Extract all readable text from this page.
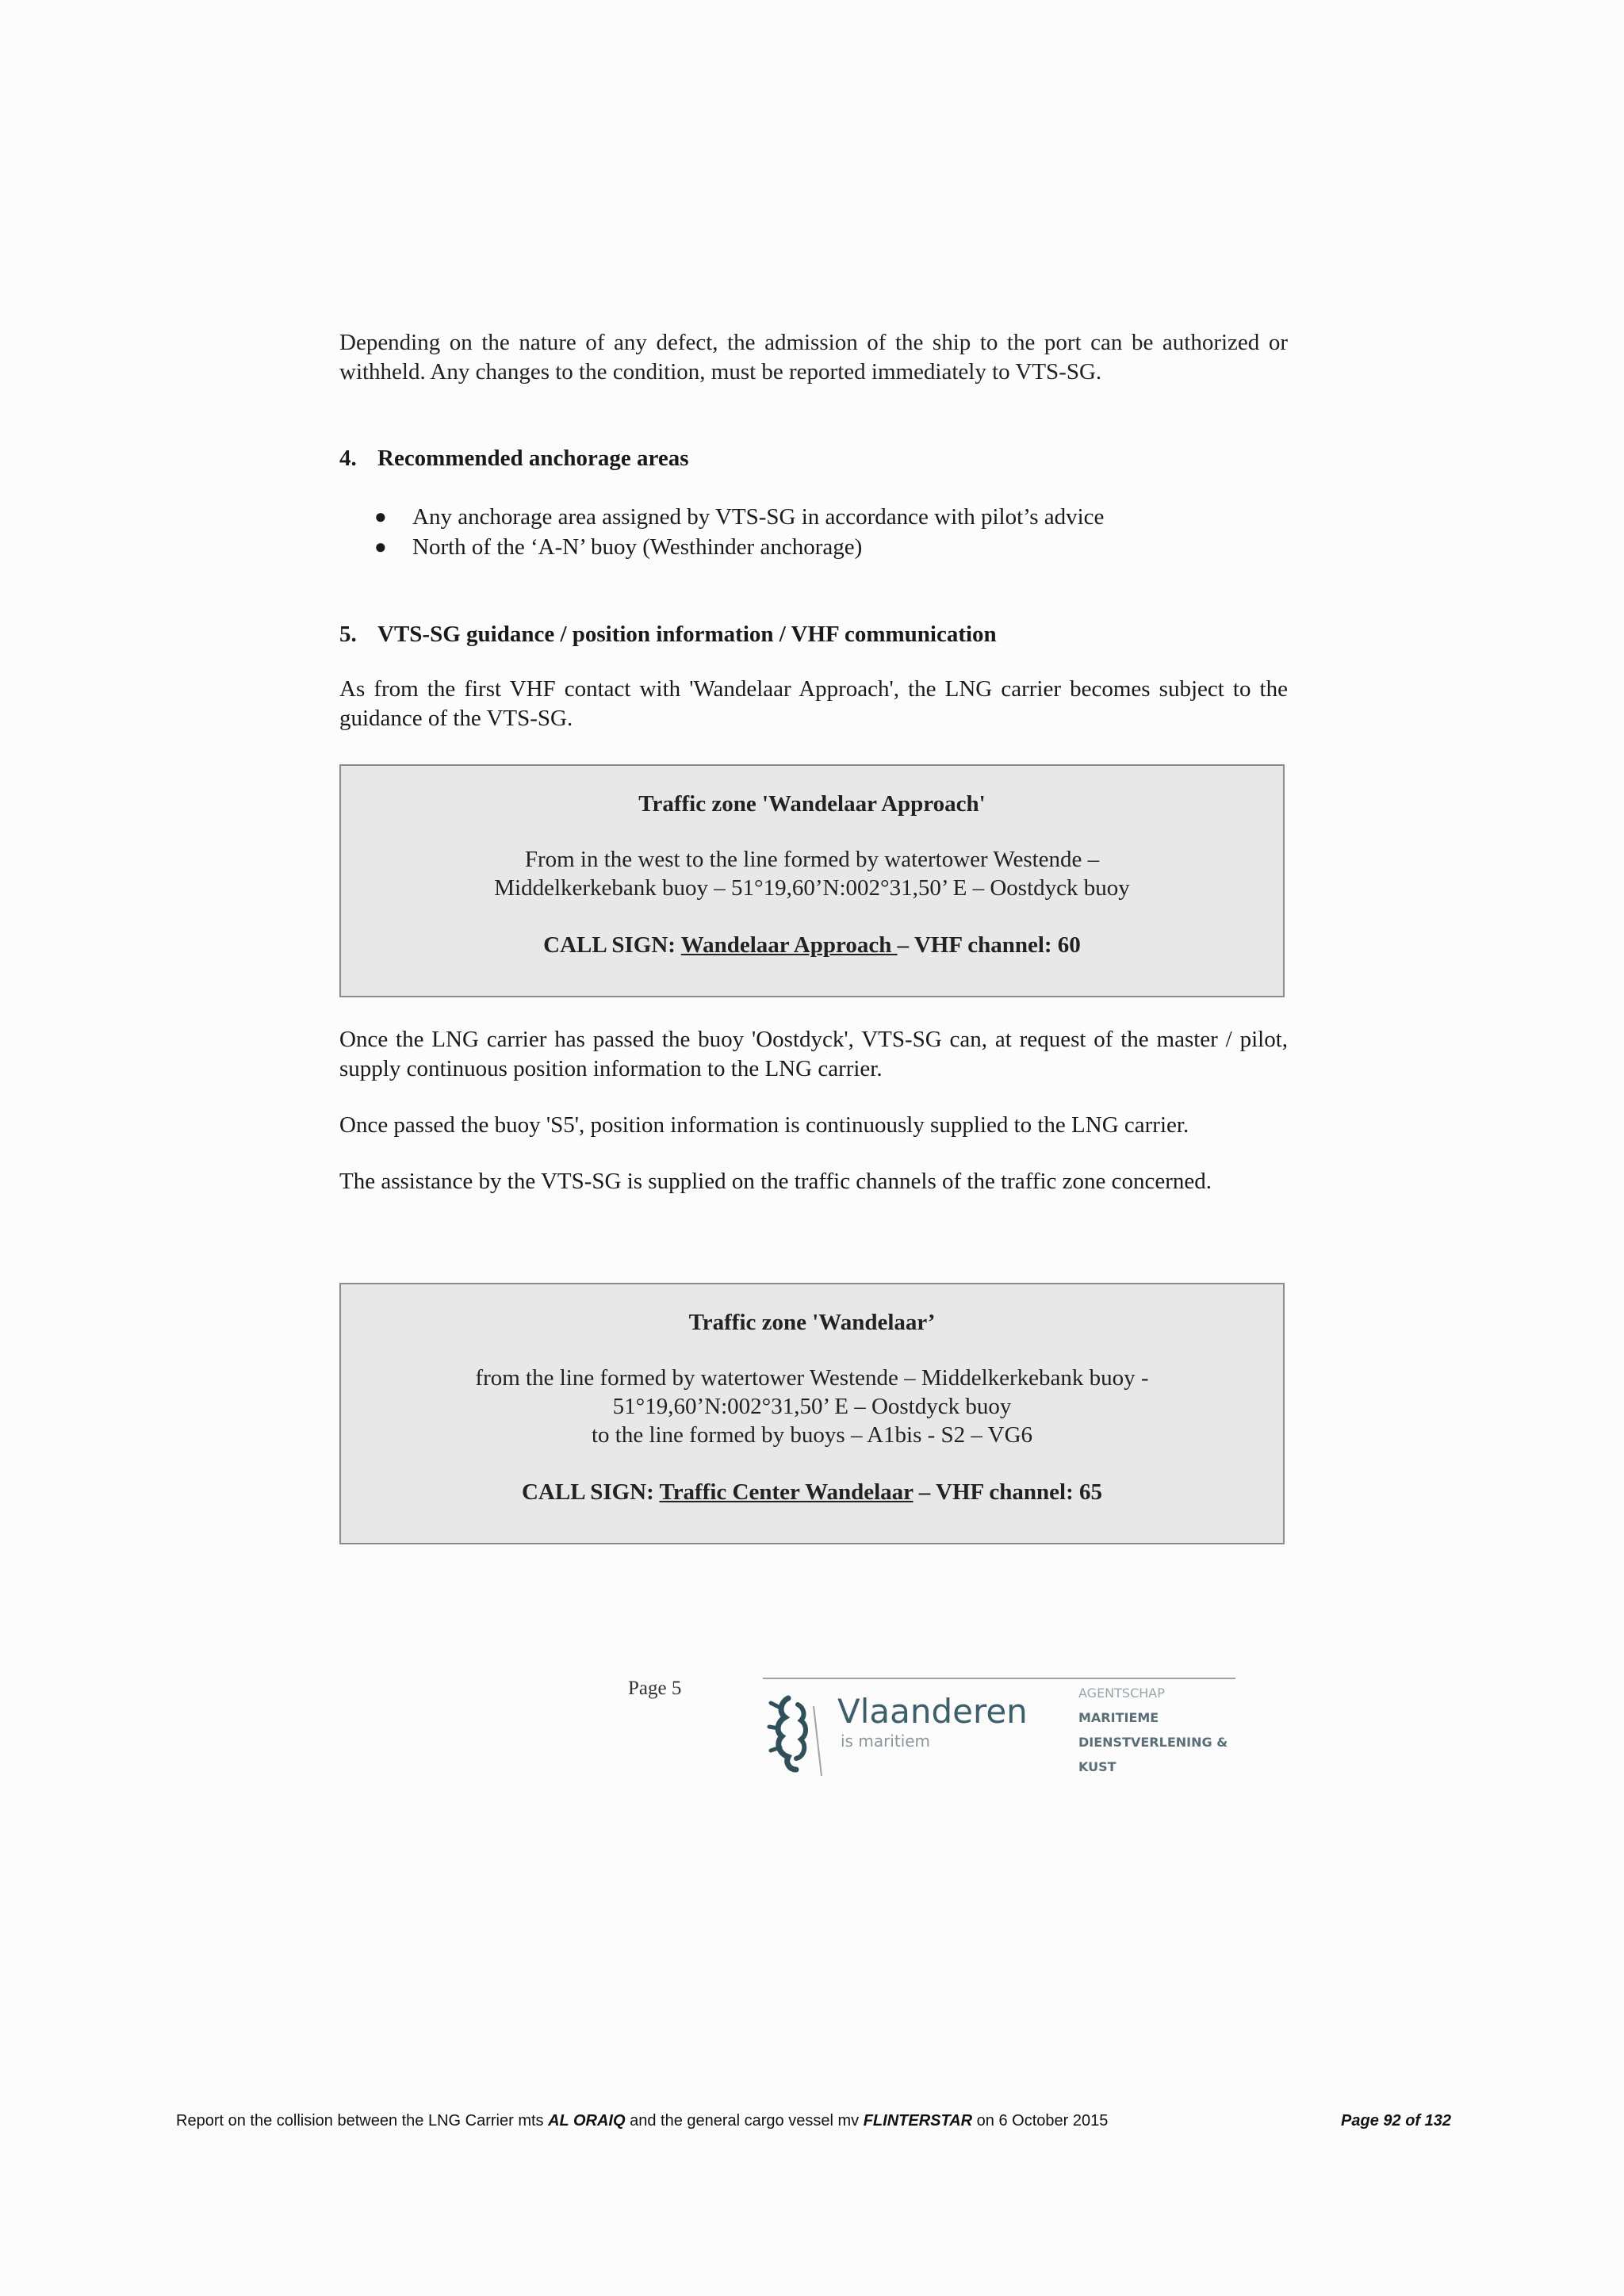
Depending on the nature of any defect, the admission of the ship to the port can be authorized or withheld. Any changes to the condition, must be reported immediately to VTS-SG.

4. Recommended anchorage areas
●	Any anchorage area assigned by VTS-SG in accordance with pilot’s advice
●	North of the ‘A-N’ buoy (Westhinder anchorage)
5. VTS-SG guidance / position information / VHF communication

As from the first VHF contact with 'Wandelaar Approach', the LNG carrier becomes subject to the guidance of the VTS-SG.

Traffic zone 'Wandelaar Approach'
From in the west to the line formed by watertower Westende –
Middelkerkebank buoy – 51°19,60’N:002°31,50’ E – Oostdyck buoy
CALL SIGN: Wandelaar Approach – VHF channel: 60

Once the LNG carrier has passed the buoy 'Oostdyck', VTS-SG can, at request of the master / pilot, supply continuous position information to the LNG carrier.

Once passed the buoy 'S5', position information is continuously supplied to the LNG carrier.

The assistance by the VTS-SG is supplied on the traffic channels of the traffic zone concerned.

Traffic zone 'Wandelaar’
from the line formed by watertower Westende – Middelkerkebank buoy -
51°19,60’N:002°31,50’ E – Oostdyck buoy
to the line formed by buoys – A1bis - S2 – VG6
CALL SIGN: Traffic Center Wandelaar – VHF channel: 65
Page 5
Vlaanderen
is maritiem
AGENTSCHAP
MARITIEME
DIENSTVERLENING &
KUST
Report on the collision between the LNG Carrier mts AL ORAIQ and the general cargo vessel mv FLINTERSTAR on 6 October 2015	Page 92 of 132
